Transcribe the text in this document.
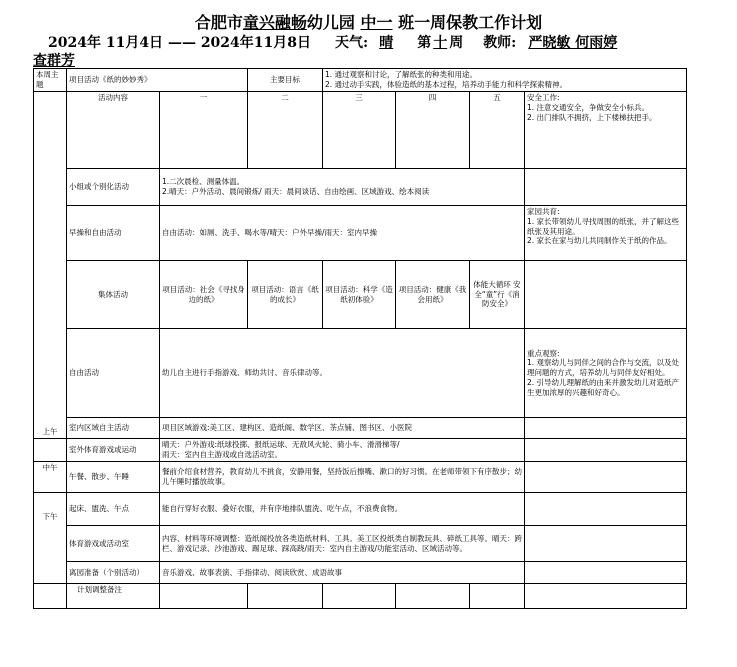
合肥市童兴融畅幼儿园 中一 班一周保教工作计划
2024年 11月4日 —— 2024年11月8日 天气: 晴 第 十 周 教师: 严晓敏 何雨婷
查群芳
本周主题	项目活动《纸的妙妙秀》		主要目标	1. 通过观察和讨论，了解纸张的种类和用途。
2. 通过动手实践，体验造纸的基本过程，培养动手能力和科学探索精神。			

上午	活动内容	一	二	三	四	五	安全工作:
1. 注意交通安全，争做安全小标兵。
2. 出门排队不拥挤，上下楼梯扶把手。

	小组或个别化活动	1.二次晨检、测量体温。
2.晴天：户外活动、晨间锻炼/ 雨天：晨间谈话、自由绘画、区域游戏、绘本阅读					

	早操和自由活动	自由活动：如厕、洗手、喝水等/晴天：户外早操/雨天：室内早操					家园共育:
1. 家长带领幼儿寻找周围的纸张，并了解这些纸张及其用途。
2. 家长在家与幼儿共同制作关于纸的作品。

	集体活动	项目活动：社会《寻找身边的纸》	项目活动：语言《纸的成长》	项目活动：科学《造纸初体验》	项目活动：健康《我会用纸》	体能大循环 安全“童”行《消防安全》	
	自由活动	幼儿自主进行手指游戏、师幼共讨、音乐律动等。					重点观察:
1. 观察幼儿与同伴之间的合作与交流，以及处理问题的方式，培养幼儿与同伴友好相处。
2. 引导幼儿理解纸的由来并激发幼儿对造纸产生更加浓厚的兴趣和好奇心。

	室内区域自主活动	项目区域游戏:美工区、建构区、造纸阁、数学区、茶点铺、图书区、小医院					
	室外体育游戏或运动	晴天：户外游戏:纸球投掷、报纸运球、无敌风火轮、骑小车、滑滑梯等/
雨天：室内自主游戏或自选活动室。					

中午	午餐、散步、午睡	餐前介绍食材营养，教育幼儿不挑食，安静用餐，坚持饭后擦嘴、漱口的好习惯。在老师带领下有序散步；幼儿午睡时播放故事。					

下午	起床、盥洗、午点	能自行穿好衣服、叠好衣服，并有序地排队盥洗、吃午点，不浪费食物。					
	体育游戏或活动室	内容、材料等环境调整：造纸阁投放各类造纸材料、工具。美工区投纸类自制教玩具、碎纸工具等。晴天：跨栏、游戏记录、沙池游戏、踢足球、踩高跷/雨天：室内自主游戏/功能室活动、区域活动等。					
	离园准备（个别活动）	音乐游戏、故事表演、手指律动、阅读欣赏、成语故事					
	计划调整备注						
